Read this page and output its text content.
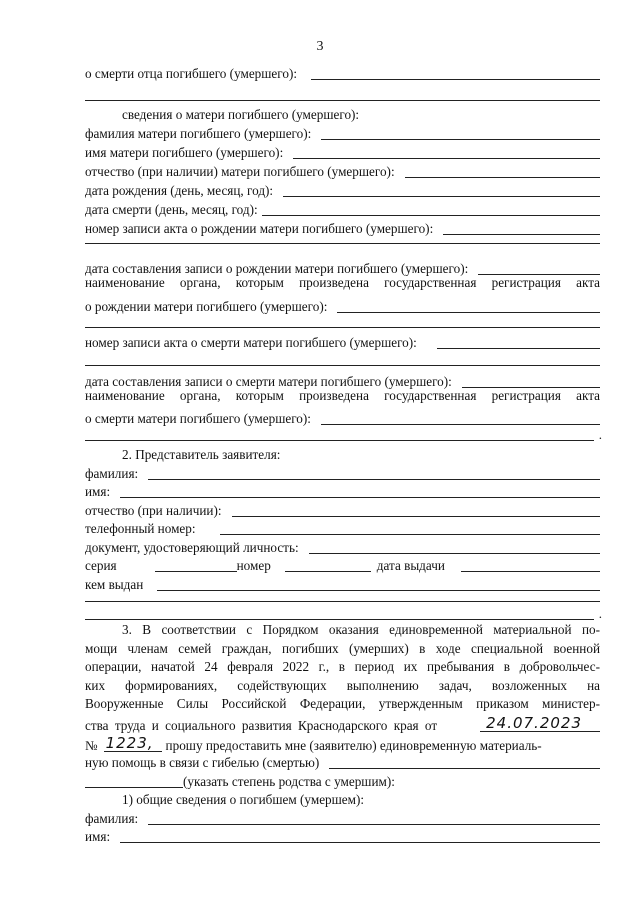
3
о смерти отца погибшего (умершего):
сведения о матери погибшего (умершего):
фамилия матери погибшего (умершего):
имя матери погибшего (умершего):
отчество (при наличии) матери погибшего (умершего):
дата рождения (день, месяц, год):
дата смерти (день, месяц, год):
номер записи акта о рождении матери погибшего (умершего):
дата составления записи о рождении матери погибшего (умершего):
наименование органа, которым произведена государственная регистрация акта
о рождении матери погибшего (умершего):
номер записи акта о смерти матери погибшего (умершего):
дата составления записи о смерти матери погибшего (умершего):
наименование органа, которым произведена государственная регистрация акта
о смерти матери погибшего (умершего):
.
2. Представитель заявителя:
фамилия:
имя:
отчество (при наличии):
телефонный номер:
документ, удостоверяющий личность:
серия	номер	дата выдачи
кем выдан
.
3. В соответствии с Порядком оказания единовременной материальной по-
мощи членам семей граждан, погибших (умерших) в ходе специальной военной
операции, начатой 24 февраля 2022 г., в период их пребывания в добровольчес-
ких формированиях, содействующих выполнению задач, возложенных на
Вооруженные Силы Российской Федерации, утвержденным приказом министер-
ства труда и социального развития Краснодарского края от	24.07.2023
№ 1223, прошу предоставить мне (заявителю) единовременную материаль-
ную помощь в связи с гибелью (смертью)
(указать степень родства с умершим):
1) общие сведения о погибшем (умершем):
фамилия:
имя:
